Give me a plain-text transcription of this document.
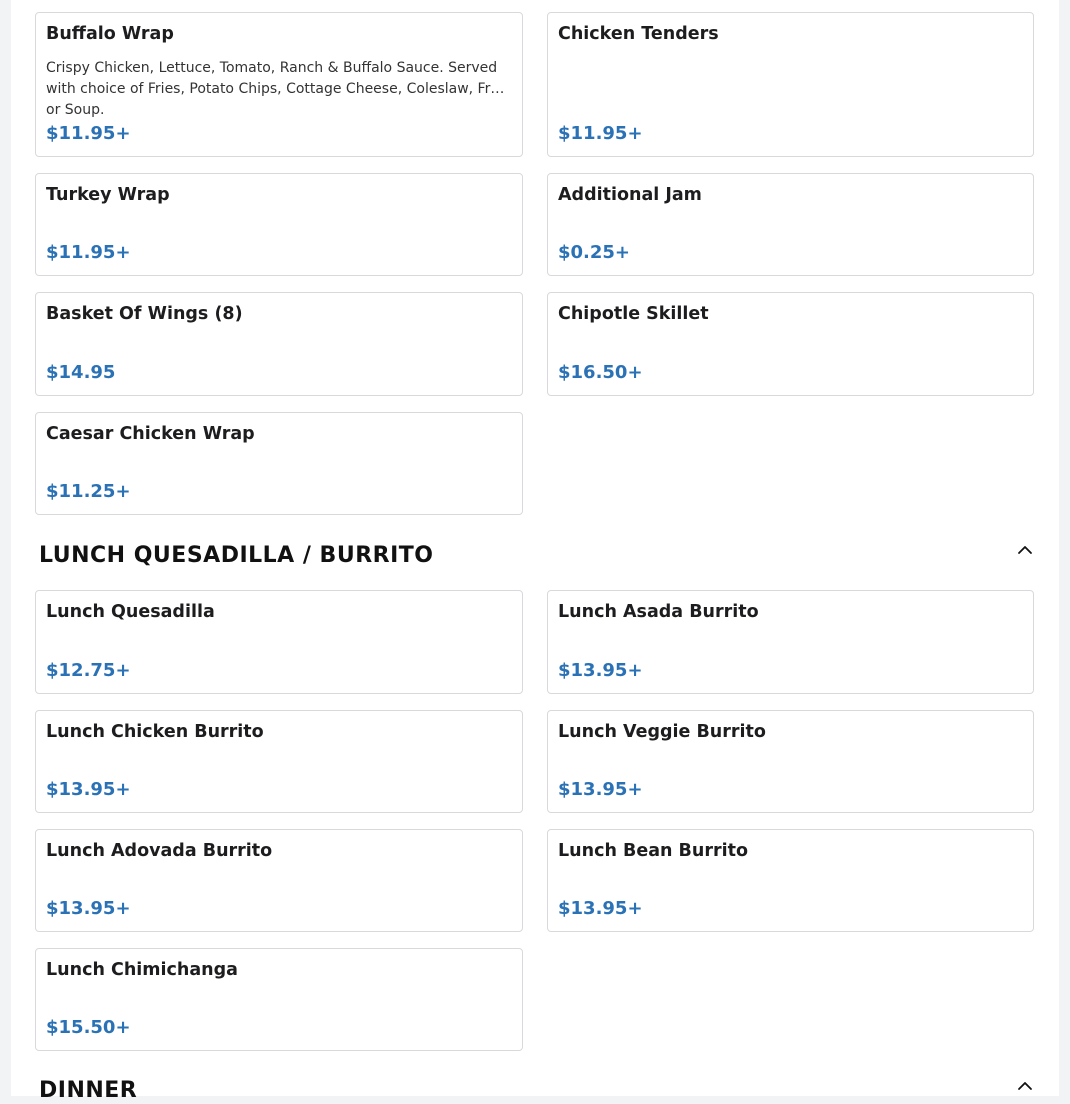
Buffalo Wrap
Crispy Chicken, Lettuce, Tomato, Ranch & Buffalo Sauce. Served with choice of Fries, Potato Chips, Cottage Cheese, Coleslaw, Fruit or Soup.
$11.95+
Chicken Tenders
$11.95+
Turkey Wrap
$11.95+
Additional Jam
$0.25+
Basket Of Wings (8)
$14.95
Chipotle Skillet
$16.50+
Caesar Chicken Wrap
$11.25+
LUNCH QUESADILLA / BURRITO
Lunch Quesadilla
$12.75+
Lunch Asada Burrito
$13.95+
Lunch Chicken Burrito
$13.95+
Lunch Veggie Burrito
$13.95+
Lunch Adovada Burrito
$13.95+
Lunch Bean Burrito
$13.95+
Lunch Chimichanga
$15.50+
DINNER
